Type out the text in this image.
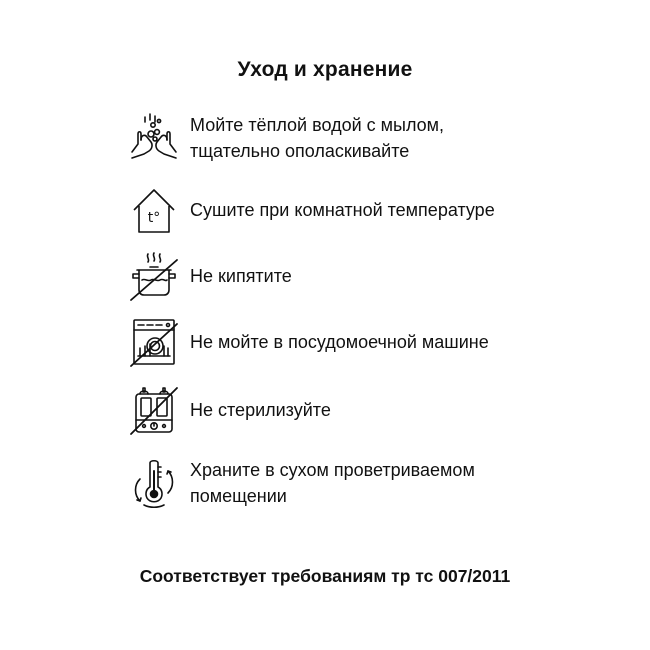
Уход и хранение
Мойте тёплой водой с мылом,
тщательно ополаскивайте
t° Сушите при комнатной температуре
Не кипятите
Не мойте в посудомоечной машине
Не стерилизуйте
Храните в сухом проветриваемом
помещении
Соответствует требованиям тр тс 007/2011
